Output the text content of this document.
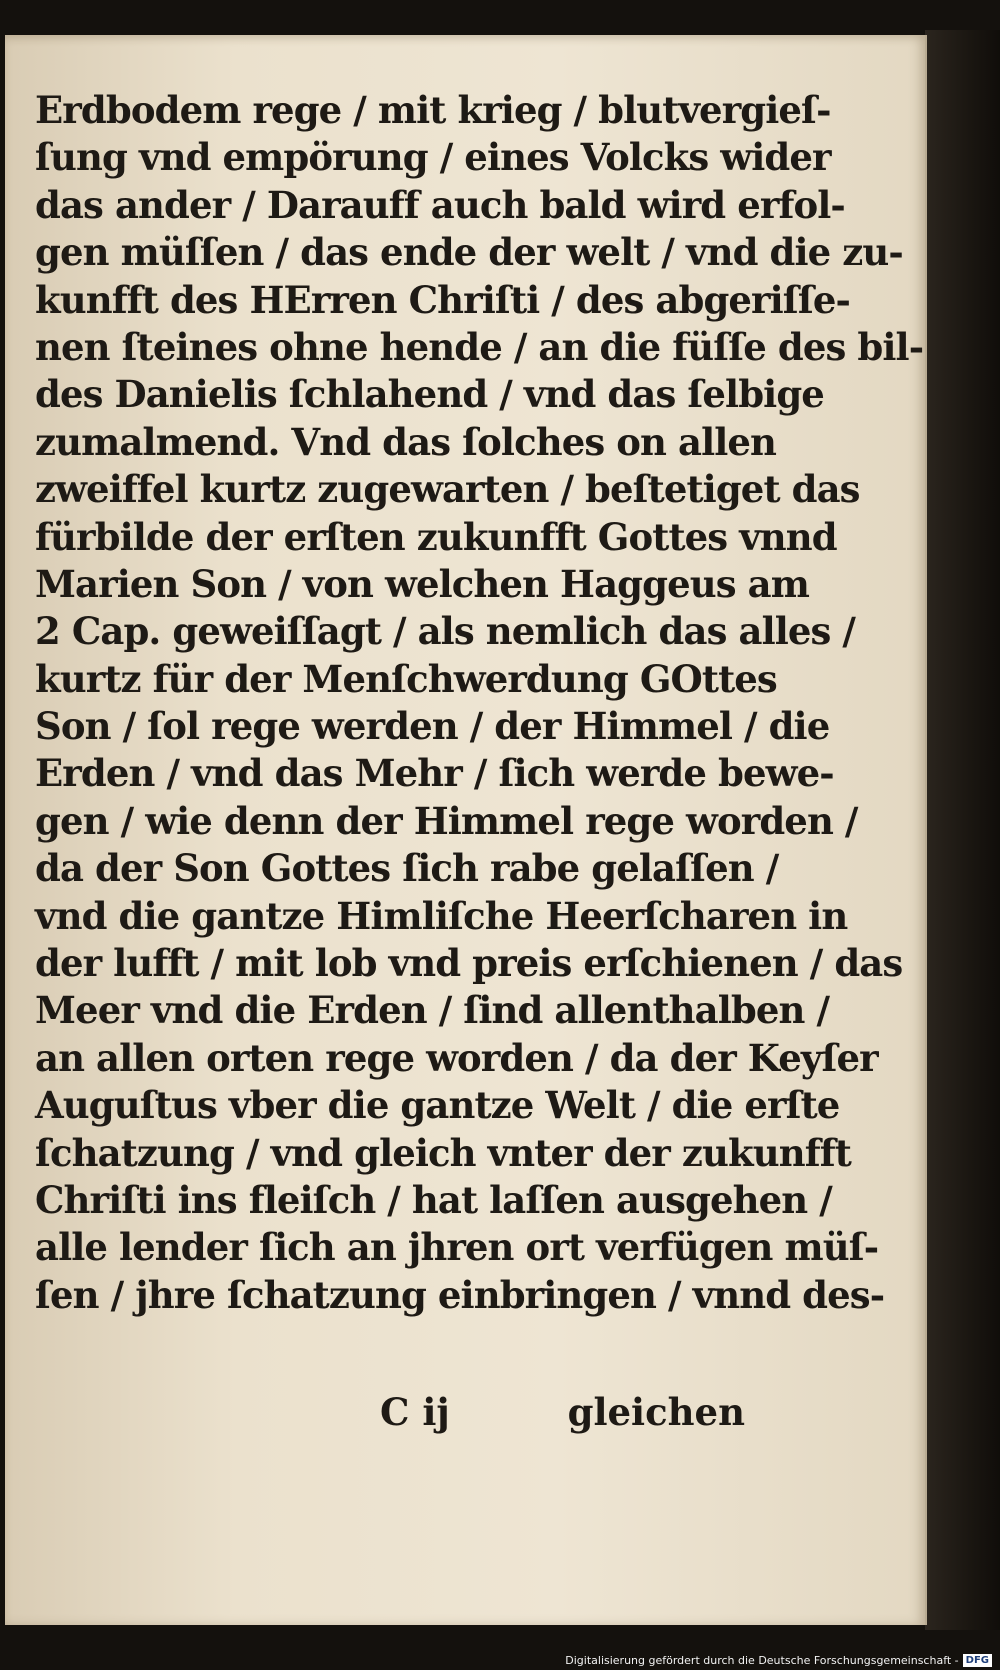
Erdbodem rege / mit krieg / blutvergieſ-
ſung vnd empörung / eines Volcks wider
das ander / Darauff auch bald wird erfol-
gen müſſen / das ende der welt / vnd die zu-
kunfft des HErren Chriſti / des abgeriſſe-
nen ſteines ohne hende / an die füſſe des bil-
des Danielis ſchlahend / vnd das ſelbige
zumalmend. Vnd das ſolches on allen
zweiffel kurtz zugewarten / beſtetiget das
fürbilde der erſten zukunfft Gottes vnnd
Marien Son / von welchen Haggeus am
2 Cap. geweiſſagt / als nemlich das alles /
kurtz für der Menſchwerdung GOttes
Son / ſol rege werden / der Himmel / die
Erden / vnd das Mehr / ſich werde bewe-
gen / wie denn der Himmel rege worden /
da der Son Gottes ſich rabe gelaſſen /
vnd die gantze Himliſche Heerſcharen in
der lufft / mit lob vnd preis erſchienen / das
Meer vnd die Erden / ſind allenthalben /
an allen orten rege worden / da der Keyſer
Auguſtus vber die gantze Welt / die erſte
ſchatzung / vnd gleich vnter der zukunfft
Chriſti ins fleiſch / hat laſſen ausgehen /
alle lender ſich an jhren ort verfügen müſ-
ſen / jhre ſchatzung einbringen / vnnd des-
C ij	gleichen
Digitalisierung gefördert durch die Deutsche Forschungsgemeinschaft - DFG
